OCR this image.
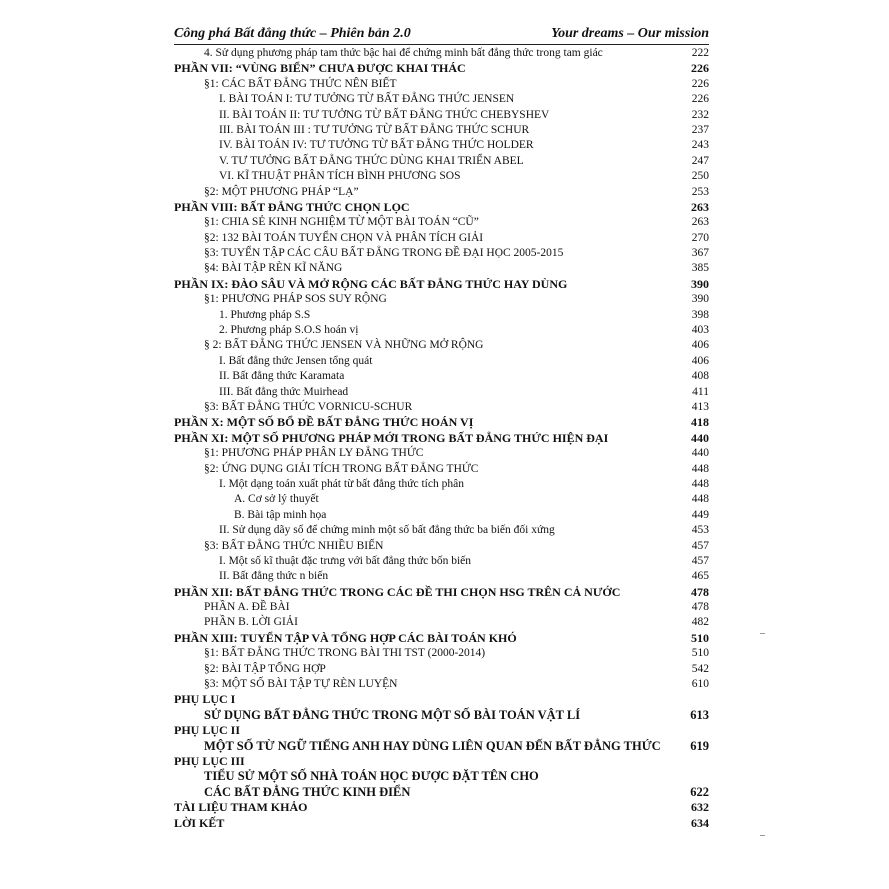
Công phá Bất đẳng thức – Phiên bản 2.0	Your dreams – Our mission
4. Sử dụng phương pháp tam thức bậc hai để chứng minh bất đẳng thức trong tam giác	222
PHẦN VII: “VÙNG BIỂN” CHƯA ĐƯỢC KHAI THÁC	226
§1: CÁC BẤT ĐẲNG THỨC NÊN BIẾT	226
I. BÀI TOÁN I: TƯ TƯỞNG TỪ BẤT ĐẲNG THỨC JENSEN	226
II. BÀI TOÁN II: TƯ TƯỞNG TỪ BẤT ĐẲNG THỨC CHEBYSHEV	232
III. BÀI TOÁN III : TƯ TƯỞNG TỪ BẤT ĐẲNG THỨC SCHUR	237
IV. BÀI TOÁN IV: TƯ TƯỞNG TỪ BẤT ĐẲNG THỨC HOLDER	243
V. TƯ TƯỞNG BẤT ĐẲNG THỨC DÙNG KHAI TRIỂN ABEL	247
VI. KĨ THUẬT PHÂN TÍCH BÌNH PHƯƠNG SOS	250
§2: MỘT PHƯƠNG PHÁP “LẠ”	253
PHẦN VIII: BẤT ĐẲNG THỨC CHỌN LỌC	263
§1: CHIA SẺ KINH NGHIỆM TỪ MỘT BÀI TOÁN “CŨ”	263
§2: 132 BÀI TOÁN TUYỂN CHỌN VÀ PHÂN TÍCH GIẢI	270
§3: TUYỂN TẬP CÁC CÂU BẤT ĐẲNG TRONG ĐỀ ĐẠI HỌC 2005-2015	367
§4: BÀI TẬP RÈN KĨ NĂNG	385
PHẦN IX: ĐÀO SÂU VÀ MỞ RỘNG CÁC BẤT ĐẲNG THỨC HAY DÙNG	390
§1: PHƯƠNG PHÁP SOS SUY RỘNG	390
1. Phương pháp S.S	398
2. Phương pháp S.O.S hoán vị	403
§ 2: BẤT ĐẲNG THỨC JENSEN VÀ NHỮNG MỞ RỘNG	406
I. Bất đẳng thức Jensen tổng quát	406
II. Bất đẳng thức Karamata	408
III. Bất đẳng thức Muirhead	411
§3: BẤT ĐẲNG THỨC VORNICU-SCHUR	413
PHẦN X: MỘT SỐ BỔ ĐỀ BẤT ĐẲNG THỨC HOÁN VỊ	418
PHẦN XI: MỘT SỐ PHƯƠNG PHÁP MỚI TRONG BẤT ĐẲNG THỨC HIỆN ĐẠI	440
§1: PHƯƠNG PHÁP PHÂN LY ĐẲNG THỨC	440
§2: ỨNG DỤNG GIẢI TÍCH TRONG BẤT ĐẲNG THỨC	448
I. Một dạng toán xuất phát từ bất đẳng thức tích phân	448
A. Cơ sở lý thuyết	448
B. Bài tập minh họa	449
II. Sử dụng dãy số để chứng minh một số bất đẳng thức ba biến đối xứng	453
§3: BẤT ĐẲNG THỨC NHIỀU BIẾN	457
I. Một số kĩ thuật đặc trưng với bất đẳng thức bốn biến	457
II. Bất đẳng thức n biến	465
PHẦN XII: BẤT ĐẲNG THỨC TRONG CÁC ĐỀ THI CHỌN HSG TRÊN CẢ NƯỚC	478
PHẦN A. ĐỀ BÀI	478
PHẦN B. LỜI GIẢI	482
PHẦN XIII: TUYỂN TẬP VÀ TỔNG HỢP CÁC BÀI TOÁN KHÓ	510
§1: BẤT ĐẲNG THỨC TRONG BÀI THI TST (2000-2014)	510
§2: BÀI TẬP TỔNG HỢP	542
§3: MỘT SỐ BÀI TẬP TỰ RÈN LUYỆN	610
PHỤ LỤC I
SỬ DỤNG BẤT ĐẲNG THỨC TRONG MỘT SỐ BÀI TOÁN VẬT LÍ	613
PHỤ LỤC II
MỘT SỐ TỪ NGỮ TIẾNG ANH HAY DÙNG LIÊN QUAN ĐẾN BẤT ĐẲNG THỨC 619
PHỤ LỤC III
TIỂU SỬ MỘT SỐ NHÀ TOÁN HỌC ĐƯỢC ĐẶT TÊN CHO
CÁC BẤT ĐẲNG THỨC KINH ĐIỂN	622
TÀI LIỆU THAM KHẢO	632
LỜI KẾT	634
